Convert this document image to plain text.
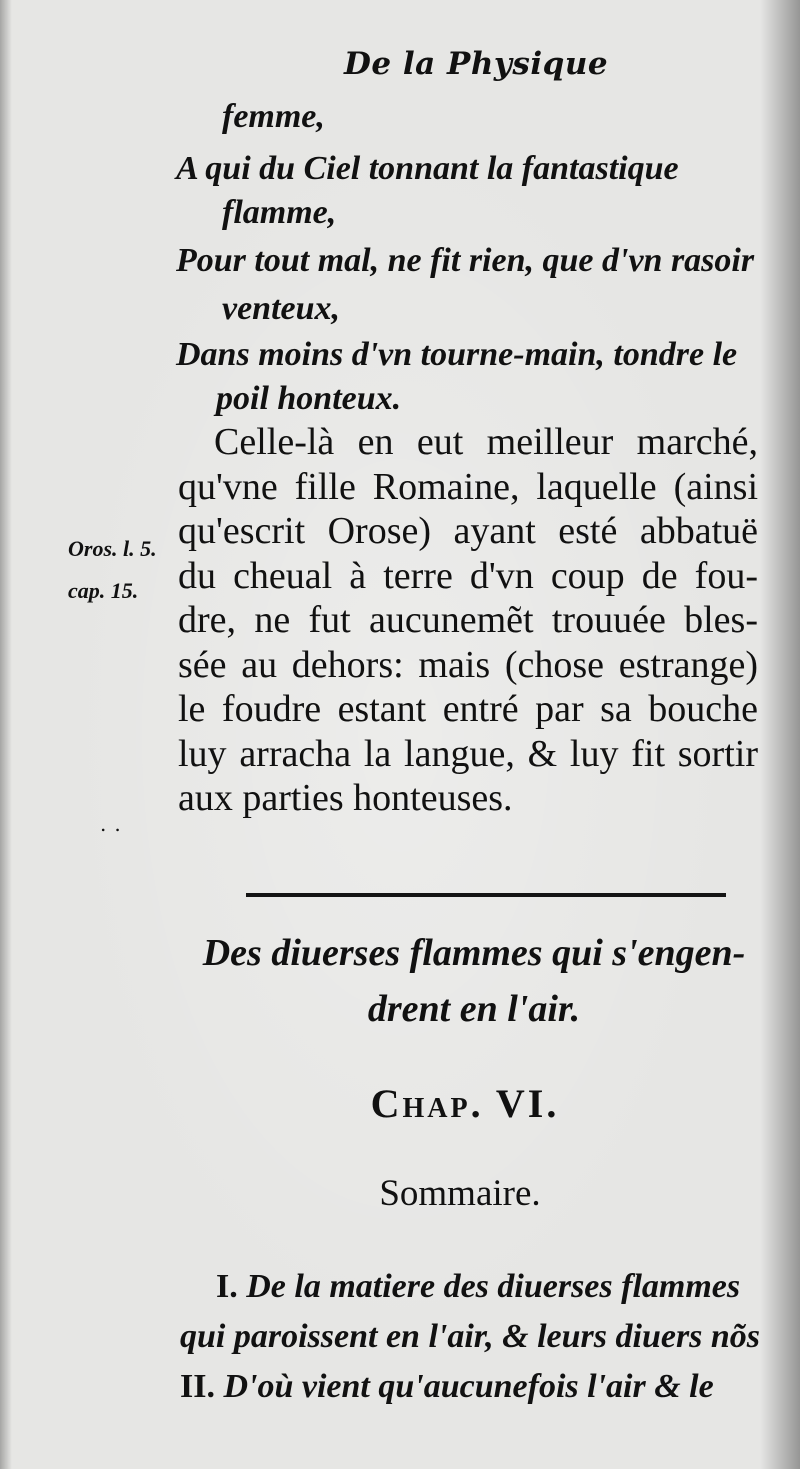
De la Physique
femme,
A qui du Ciel tonnant la fantastique
flamme,
Pour tout mal, ne fit rien, que d'vn rasoir
venteux,
Dans moins d'vn tourne-main, tondre le
poil honteux.
Celle-là en eut meilleur marché,
qu'vne fille Romaine, laquelle (ainsi
qu'escrit Orose) ayant esté abbatuë
du cheual à terre d'vn coup de fou-
dre, ne fut aucunemẽt trouuée bles-
sée au dehors: mais (chose estrange)
le foudre estant entré par sa bouche
luy arracha la langue, & luy fit sortir
aux parties honteuses.
Oros. l. 5.
cap. 15.
..
Des diuerses flammes qui s'engen-
drent en l'air.
Chap. VI.
Sommaire.
I. De la matiere des diuerses flammes
qui paroissent en l'air, & leurs diuers nõs
II. D'où vient qu'aucunefois l'air & le
